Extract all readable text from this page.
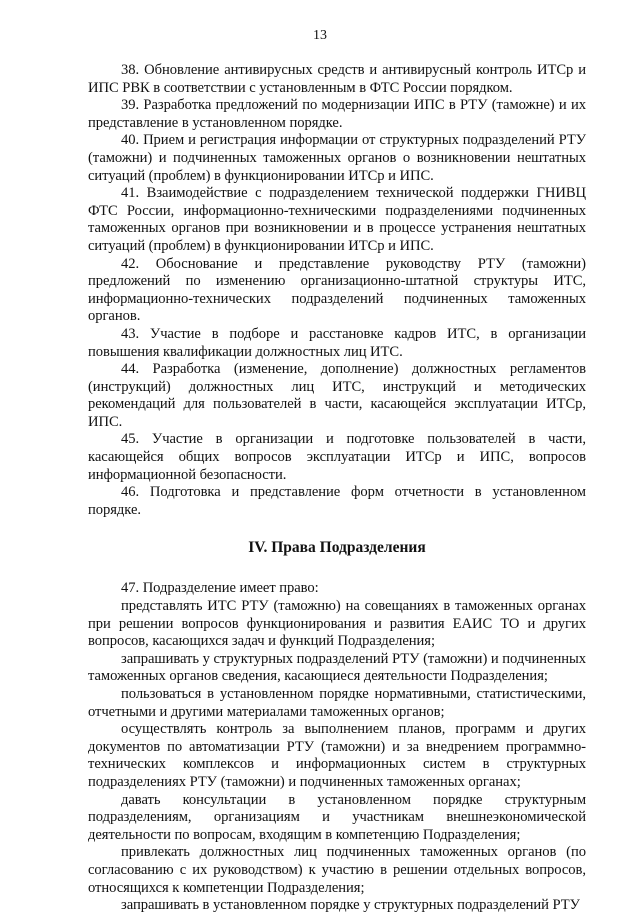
13

38. Обновление антивирусных средств и антивирусный контроль ИТСр и ИПС РВК в соответствии с установленным в ФТС России порядком.

39. Разработка предложений по модернизации ИПС в РТУ (таможне) и их представление в установленном порядке.

40. Прием и регистрация информации от структурных подразделений РТУ (таможни) и подчиненных таможенных органов о возникновении нештатных ситуаций (проблем) в функционировании ИТСр и ИПС.

41. Взаимодействие с подразделением технической поддержки ГНИВЦ ФТС России, информационно-техническими подразделениями подчиненных таможенных органов при возникновении и в процессе устранения нештатных ситуаций (проблем) в функционировании ИТСр и ИПС.

42. Обоснование и представление руководству РТУ (таможни) предложений по изменению организационно-штатной структуры ИТС, информационно-технических подразделений подчиненных таможенных органов.

43. Участие в подборе и расстановке кадров ИТС, в организации повышения квалификации должностных лиц ИТС.

44. Разработка (изменение, дополнение) должностных регламентов (инструкций) должностных лиц ИТС, инструкций и методических рекомендаций для пользователей в части, касающейся эксплуатации ИТСр, ИПС.

45. Участие в организации и подготовке пользователей в части, касающейся общих вопросов эксплуатации ИТСр и ИПС, вопросов информационной безопасности.

46. Подготовка и представление форм отчетности в установленном порядке.

IV. Права Подразделения

47. Подразделение имеет право:

представлять ИТС РТУ (таможню) на совещаниях в таможенных органах при решении вопросов функционирования и развития ЕАИС ТО и других вопросов, касающихся задач и функций Подразделения;

запрашивать у структурных подразделений РТУ (таможни) и подчиненных таможенных органов сведения, касающиеся деятельности Подразделения;

пользоваться в установленном порядке нормативными, статистическими, отчетными и другими материалами таможенных органов;

осуществлять контроль за выполнением планов, программ и других документов по автоматизации РТУ (таможни) и за внедрением программно-технических комплексов и информационных систем в структурных подразделениях РТУ (таможни) и подчиненных таможенных органах;

давать консультации в установленном порядке структурным подразделениям, организациям и участникам внешнеэкономической деятельности по вопросам, входящим в компетенцию Подразделения;

привлекать должностных лиц подчиненных таможенных органов (по согласованию с их руководством) к участию в решении отдельных вопросов, относящихся к компетенции Подразделения;

запрашивать в установленном порядке у структурных подразделений РТУ
